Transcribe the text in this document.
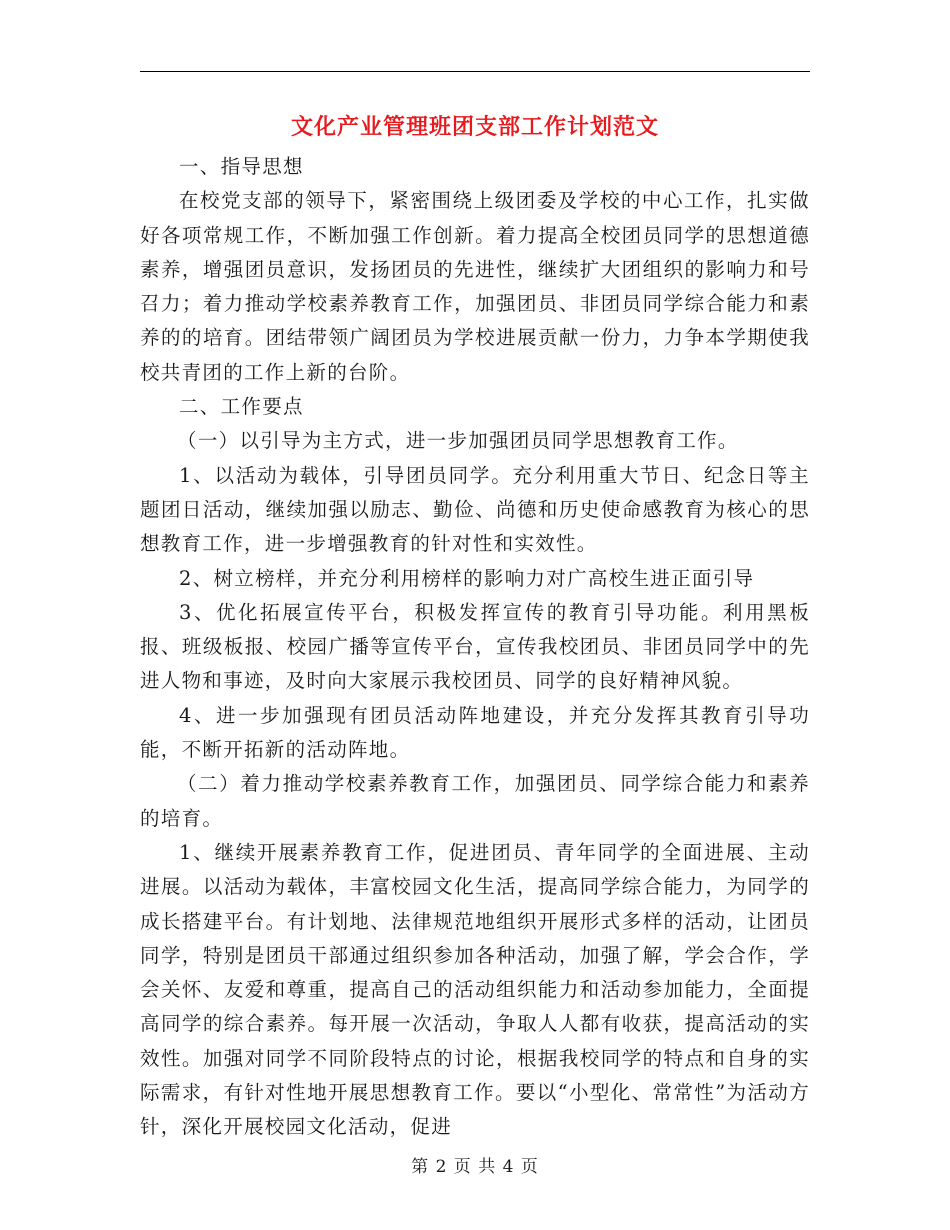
文化产业管理班团支部工作计划范文

一、指导思想

在校党支部的领导下，紧密围绕上级团委及学校的中心工作，扎实做好各项常规工作，不断加强工作创新。着力提高全校团员同学的思想道德素养，增强团员意识，发扬团员的先进性，继续扩大团组织的影响力和号召力；着力推动学校素养教育工作，加强团员、非团员同学综合能力和素养的的培育。团结带领广阔团员为学校进展贡献一份力，力争本学期使我校共青团的工作上新的台阶。

二、工作要点

（一）以引导为主方式，进一步加强团员同学思想教育工作。

1、以活动为载体，引导团员同学。充分利用重大节日、纪念日等主题团日活动，继续加强以励志、勤俭、尚德和历史使命感教育为核心的思想教育工作，进一步增强教育的针对性和实效性。

2、树立榜样，并充分利用榜样的影响力对广高校生进正面引导

3、优化拓展宣传平台，积极发挥宣传的教育引导功能。利用黑板报、班级板报、校园广播等宣传平台，宣传我校团员、非团员同学中的先进人物和事迹，及时向大家展示我校团员、同学的良好精神风貌。

4、进一步加强现有团员活动阵地建设，并充分发挥其教育引导功能，不断开拓新的活动阵地。

（二）着力推动学校素养教育工作，加强团员、同学综合能力和素养的培育。

1、继续开展素养教育工作，促进团员、青年同学的全面进展、主动进展。以活动为载体，丰富校园文化生活，提高同学综合能力，为同学的成长搭建平台。有计划地、法律规范地组织开展形式多样的活动，让团员同学，特别是团员干部通过组织参加各种活动，加强了解，学会合作，学会关怀、友爱和尊重，提高自己的活动组织能力和活动参加能力，全面提高同学的综合素养。每开展一次活动，争取人人都有收获，提高活动的实效性。加强对同学不同阶段特点的讨论，根据我校同学的特点和自身的实际需求，有针对性地开展思想教育工作。要以“小型化、常常性”为活动方针，深化开展校园文化活动，促进

第 2 页 共 4 页
